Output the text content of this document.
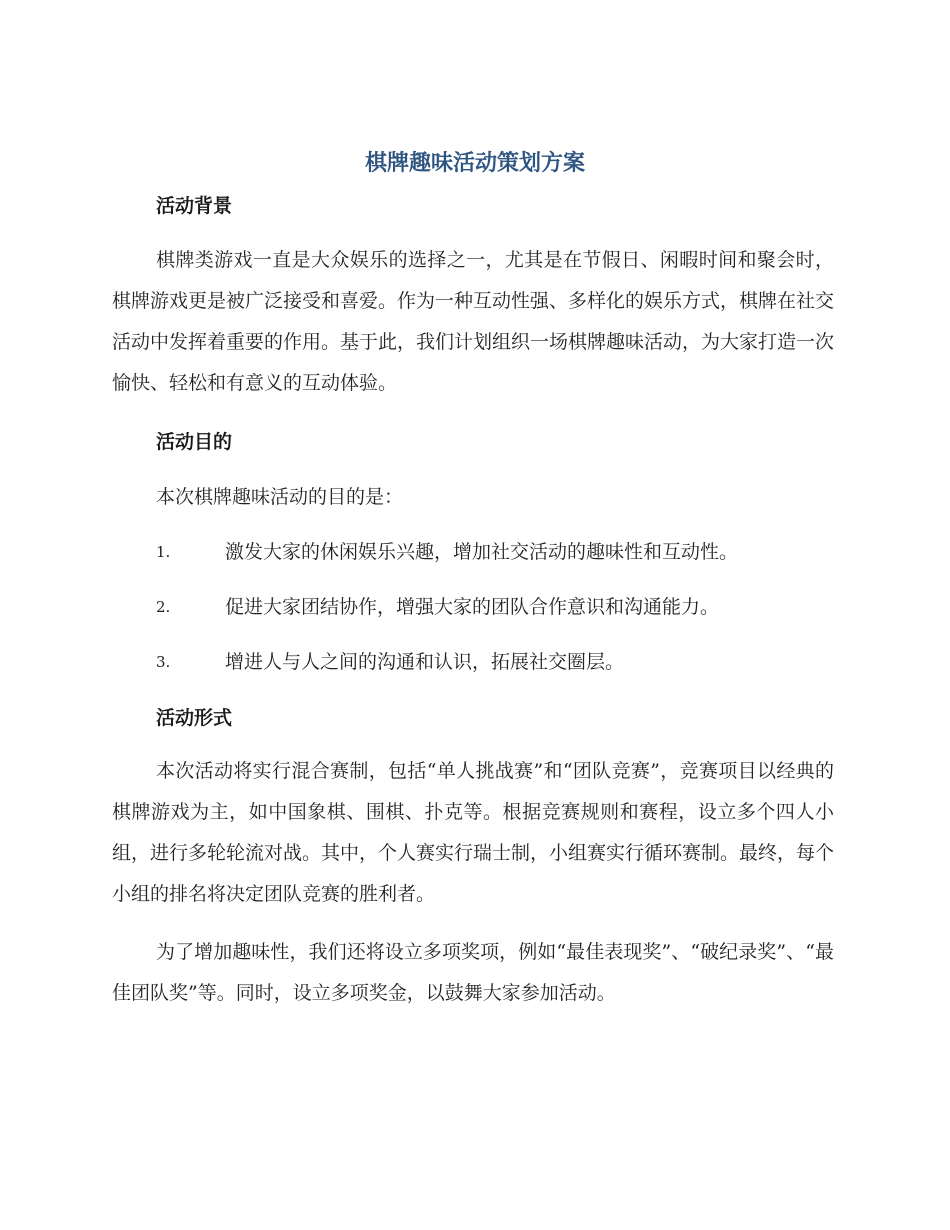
棋牌趣味活动策划方案
活动背景

棋牌类游戏一直是大众娱乐的选择之一，尤其是在节假日、闲暇时间和聚会时，棋牌游戏更是被广泛接受和喜爱。作为一种互动性强、多样化的娱乐方式，棋牌在社交活动中发挥着重要的作用。基于此，我们计划组织一场棋牌趣味活动，为大家打造一次愉快、轻松和有意义的互动体验。

活动目的

本次棋牌趣味活动的目的是：

1.	激发大家的休闲娱乐兴趣，增加社交活动的趣味性和互动性。
2.	促进大家团结协作，增强大家的团队合作意识和沟通能力。
3.	增进人与人之间的沟通和认识，拓展社交圈层。
活动形式

本次活动将实行混合赛制，包括“单人挑战赛”和“团队竞赛”，竞赛项目以经典的棋牌游戏为主，如中国象棋、围棋、扑克等。根据竞赛规则和赛程，设立多个四人小组，进行多轮轮流对战。其中，个人赛实行瑞士制，小组赛实行循环赛制。最终，每个小组的排名将决定团队竞赛的胜利者。

为了增加趣味性，我们还将设立多项奖项，例如“最佳表现奖”、“破纪录奖”、“最佳团队奖”等。同时，设立多项奖金，以鼓舞大家参加活动。
